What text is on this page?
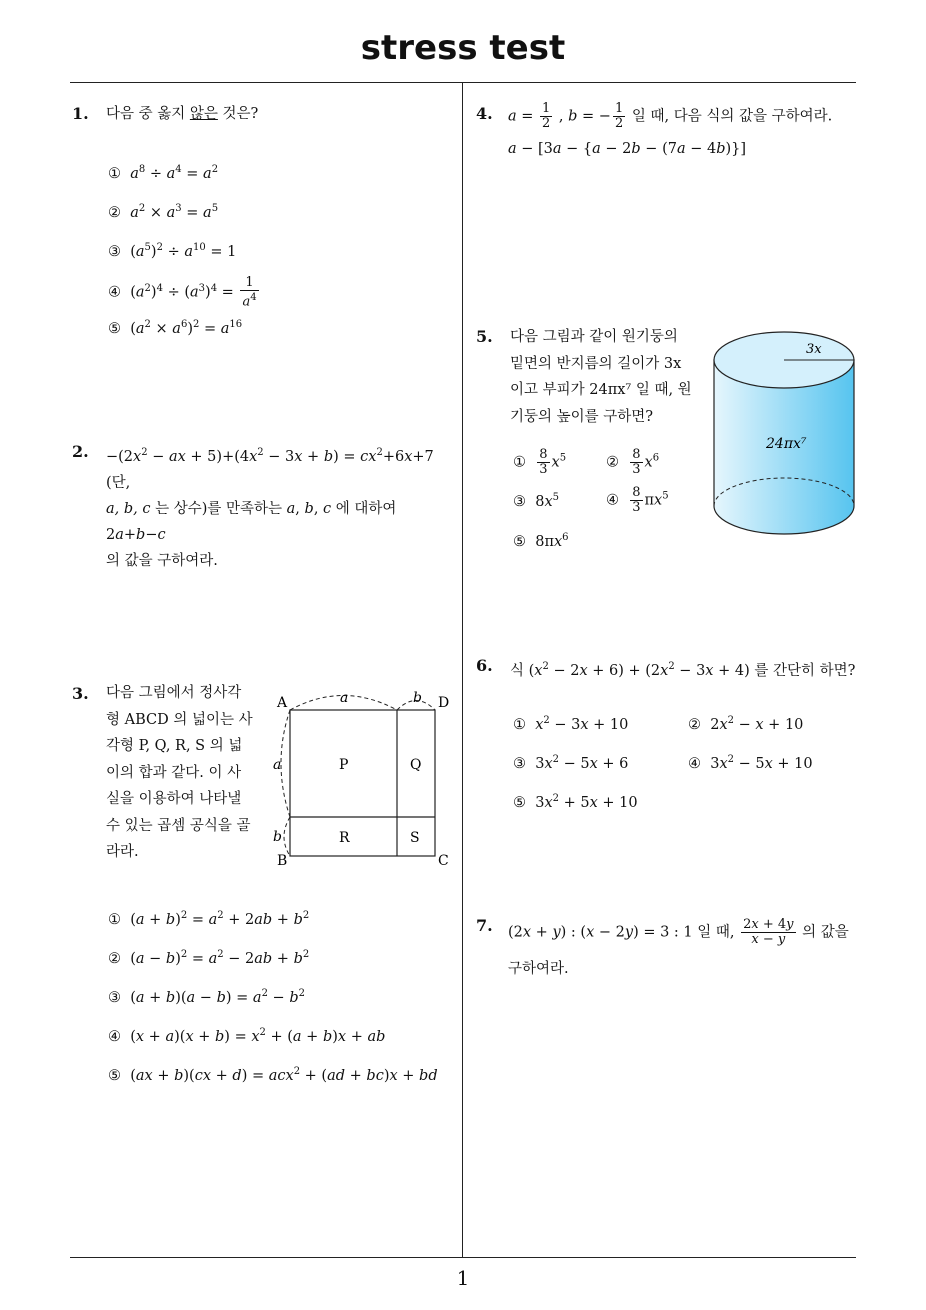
stress test
1
1. 다음 중 옳지 않은 것은?
① $a^8 \div a^4 = a^2$
② $a^2 \times a^3 = a^5$
③  $(a^5)^2 \div a^{10} = 1$
④  $(a^2)^4 \div (a^3)^4 = \frac{1}{a^4}$
⑤  $(a^2 \times a^6)^2 = a^{16}$
2. $-(2x^2$ − ax + $5)+(4x^2 - 3x + b) = cx^2+6x+7$ (단,
a, b, c 는 상수)를 만족하는 a, b, c 에 대하여 2a+b−c
의 값을 구하여라.
3. 다음 그림에서 정사각
형 ABCD 의 넓이는 사
각형 P, Q, R, S 의 넓
이의 합과 같다. 이 사
실을 이용하여 나타낼
수 있는 곱셈 공식을 골
라라.
A	D
B	C
a	b
a
b
P	Q
R	S
①  $(a + b)^2 = a^2 + 2ab + b^2$
②  $(a - b)^2 = a^2 - 2ab + b^2$
③  $(a + b)(a - b) = a^2 - b^2$
④  $(x + a)(x + b) = x^2 + (a + b)x$ + ab
⑤  (ax + b)(cx + d) = acx$^2$ + (ad + bc)x + bd
4. $a = \frac{1}{2}$ , b = − $\frac{1}{2}$ 일 때, 다음 식의 값을 구하여라.
a − [3a − {a − 2b − (7a − 4b)}]
5. 다음 그림과 같이 원기둥의
밑면의 반지름의 길이가 3x
이고 부피가 24πx⁷ 일 때, 원
기둥의 높이를 구하면?
3x
24πx⁷
① $\frac{8}{3} x^5$	② $\frac{8}{3} x^6$
③  $8x^5$	④ $\frac{8}{3} \pi x^5$
⑤  $8\pi x^6$
6. 식 $(x^2 - 2x + 6) + (2x^2 - 3x + 4)$ 를 간단히 하면?
① $x^2 - 3x + 10$	②  $2x^2 - x + 10$
③  $3x^2 - 5x + 6$	④  $3x^2 - 5x + 10$
⑤  $3x^2 + 5x + 10$
7. (2x + y) : (x − 2y) = 3 : 1 일 때, $\frac{2x + 4y}{x - y}$ 의 값을
구하여라.
